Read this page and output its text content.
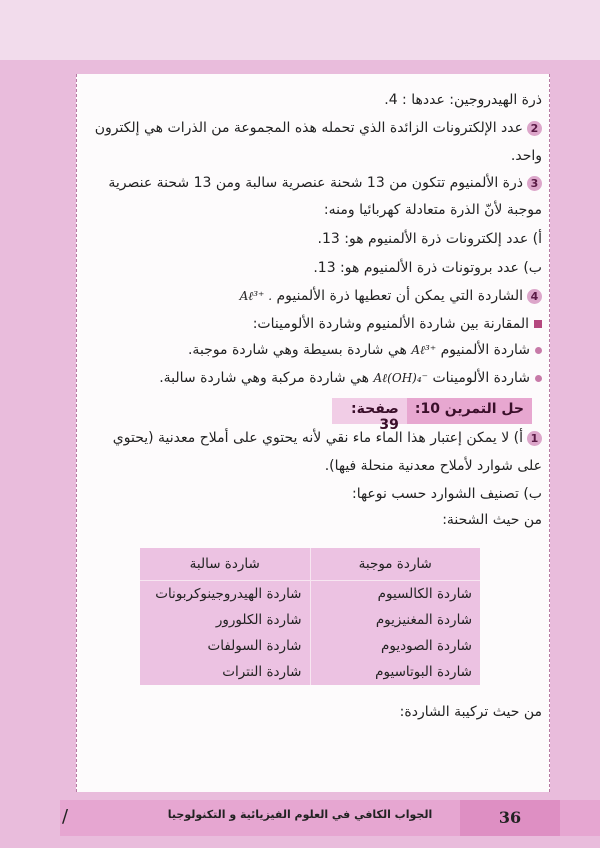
ذرة الهيدروجين: عددها : 4.
2عدد الإلكترونات الزائدة الذي تحمله هذه المجموعة من الذرات هي إلكترون
واحد.
3ذرة الألمنيوم تتكون من 13 شحنة عنصرية سالبة ومن 13 شحنة عنصرية
موجبة لأنّ الذرة متعادلة كهربائيا ومنه:
أ) عدد إلكترونات ذرة الألمنيوم هو: 13.
ب) عدد بروتونات ذرة الألمنيوم هو: 13.
4الشاردة التي يمكن أن تعطيها ذرة الألمنيوم Aℓ³⁺ .
المقارنة بين شاردة الألمنيوم وشاردة الألومينات:
شاردة الألمنيوم Aℓ³⁺ هي شاردة بسيطة وهي شاردة موجبة.
شاردة الألومينات Aℓ(OH)₄⁻ هي شاردة مركبة وهي شاردة سالبة.
حل التمرين 10:
صفحة: 39
1أ) لا يمكن إعتبار هذا الماء ماء نقي لأنه يحتوي على أملاح معدنية (يحتوي
على شوارد لأملاح معدنية منحلة فيها).
ب) تصنيف الشوارد حسب نوعها:
من حيث الشحنة:
شاردة موجبة	شاردة سالبة
شاردة الكالسيوم	شاردة الهيدروجينوكربونات
شاردة المغنيزيوم	شاردة الكلورور
شاردة الصوديوم	شاردة السولفات
شاردة البوتاسيوم	شاردة النترات
من حيث تركيبة الشاردة:
36
الجواب الكافي في العلوم الفيزيائية و التكنولوجيا
/
